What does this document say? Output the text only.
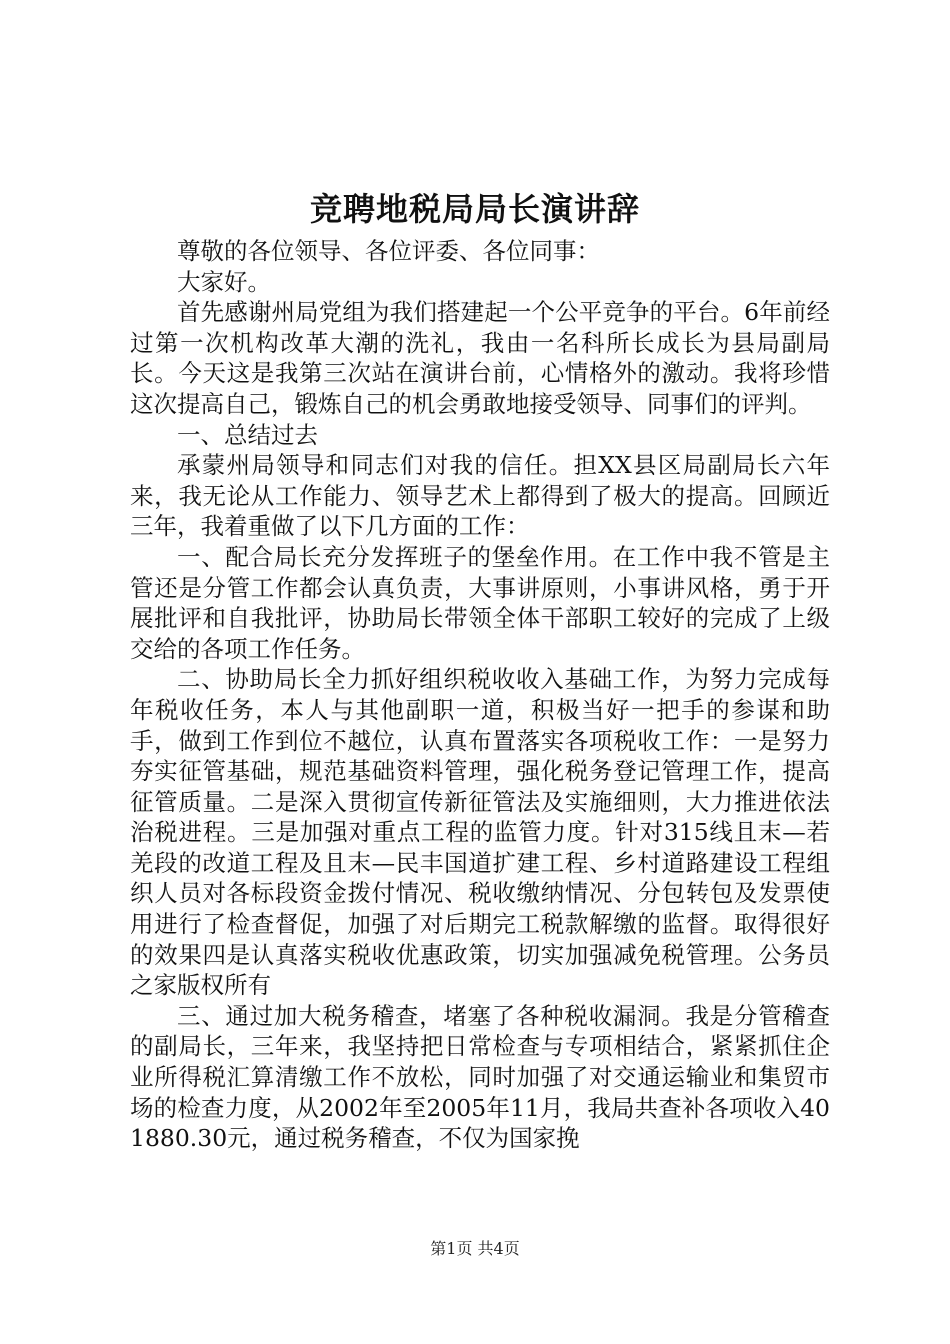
竞聘地税局局长演讲辞

尊敬的各位领导、各位评委、各位同事：

大家好。

首先感谢州局党组为我们搭建起一个公平竞争的平台。6年前经过第一次机构改革大潮的洗礼，我由一名科所长成长为县局副局长。今天这是我第三次站在演讲台前，心情格外的激动。我将珍惜这次提高自己，锻炼自己的机会勇敢地接受领导、同事们的评判。

一、总结过去

承蒙州局领导和同志们对我的信任。担XX县区局副局长六年来，我无论从工作能力、领导艺术上都得到了极大的提高。回顾近三年，我着重做了以下几方面的工作：

一、配合局长充分发挥班子的堡垒作用。在工作中我不管是主管还是分管工作都会认真负责，大事讲原则，小事讲风格，勇于开展批评和自我批评，协助局长带领全体干部职工较好的完成了上级交给的各项工作任务。

二、协助局长全力抓好组织税收收入基础工作，为努力完成每年税收任务，本人与其他副职一道，积极当好一把手的参谋和助手，做到工作到位不越位，认真布置落实各项税收工作：一是努力夯实征管基础，规范基础资料管理，强化税务登记管理工作，提高征管质量。二是深入贯彻宣传新征管法及实施细则，大力推进依法治税进程。三是加强对重点工程的监管力度。针对315线且末—若羌段的改道工程及且末—民丰国道扩建工程、乡村道路建设工程组织人员对各标段资金拨付情况、税收缴纳情况、分包转包及发票使用进行了检查督促，加强了对后期完工税款解缴的监督。取得很好的效果四是认真落实税收优惠政策，切实加强减免税管理。公务员之家版权所有

三、通过加大税务稽查，堵塞了各种税收漏洞。我是分管稽查的副局长，三年来，我坚持把日常检查与专项相结合，紧紧抓住企业所得税汇算清缴工作不放松，同时加强了对交通运输业和集贸市场的检查力度，从2002年至2005年11月，我局共查补各项收入401880.30元，通过税务稽查，不仅为国家挽

第1页 共4页
